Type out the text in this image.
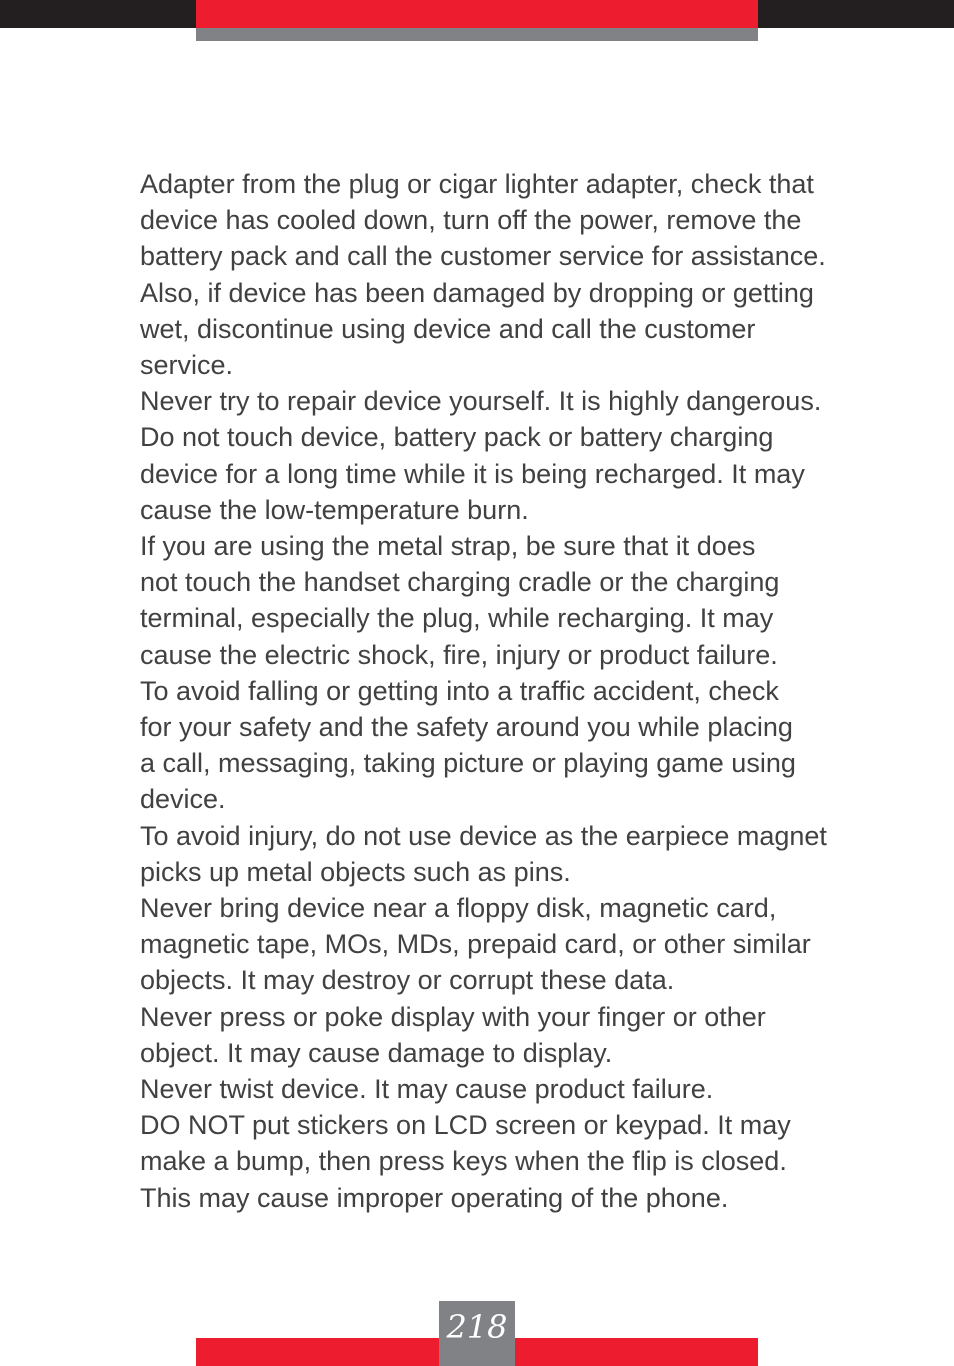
Adapter from the plug or cigar lighter adapter, check that
device has cooled down, turn off the power, remove the
battery pack and call the customer service for assistance.
Also, if device has been damaged by dropping or getting
wet, discontinue using device and call the customer
service.
Never try to repair device yourself. It is highly dangerous.
Do not touch device, battery pack or battery charging
device for a long time while it is being recharged. It may
cause the low-temperature burn.
If you are using the metal strap, be sure that it does
not touch the handset charging cradle or the charging
terminal, especially the plug, while recharging. It may
cause the electric shock, fire, injury or product failure.
To avoid falling or getting into a traffic accident, check
for your safety and the safety around you while placing
a call, messaging, taking picture or playing game using
device.
To avoid injury, do not use device as the earpiece magnet
picks up metal objects such as pins.
Never bring device near a floppy disk, magnetic card,
magnetic tape, MOs, MDs, prepaid card, or other similar
objects. It may destroy or corrupt these data.
Never press or poke display with your finger or other
object. It may cause damage to display.
Never twist device. It may cause product failure.
DO NOT put stickers on LCD screen or keypad. It may
make a bump, then press keys when the flip is closed.
This may cause improper operating of the phone.

218
